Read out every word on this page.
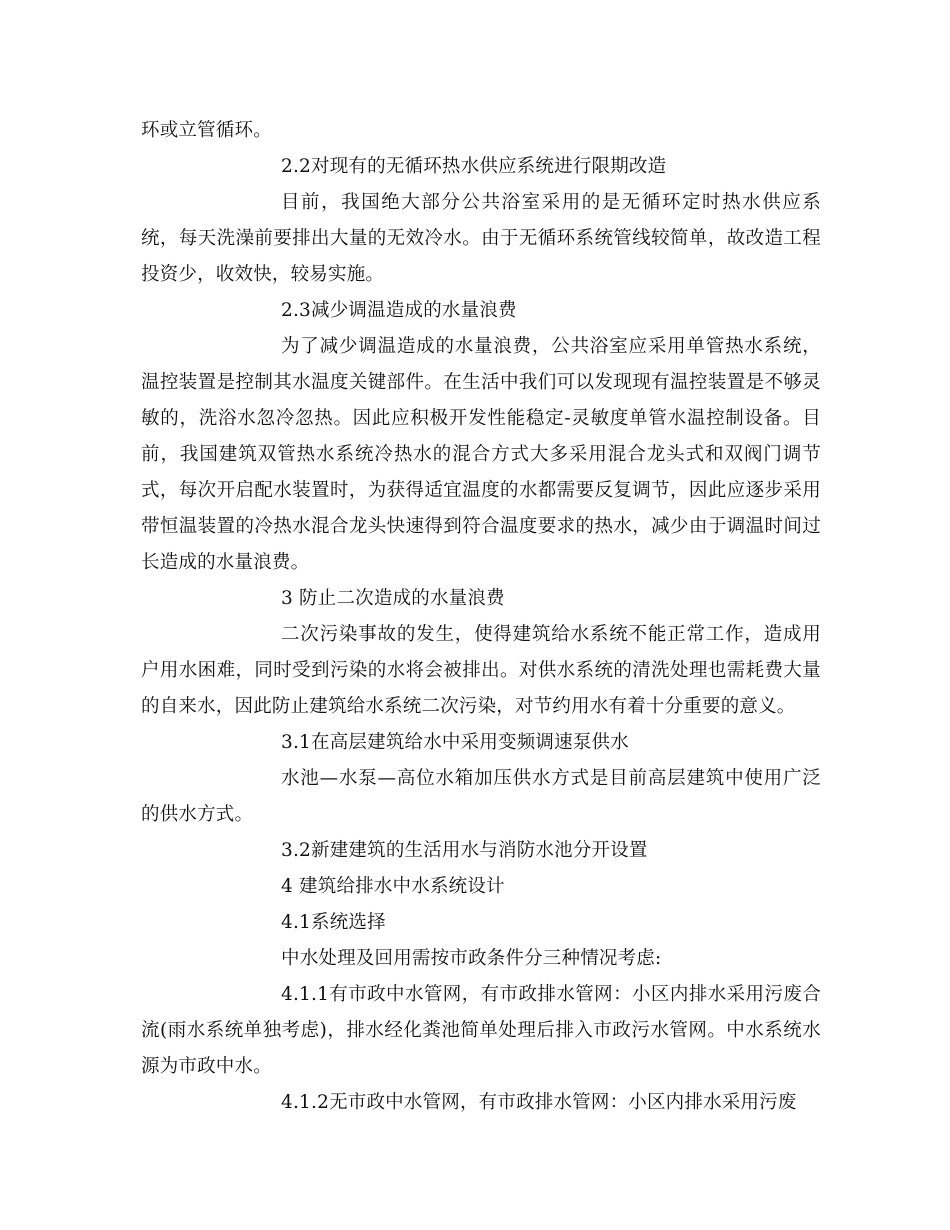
环或立管循环。

2.2对现有的无循环热水供应系统进行限期改造

目前，我国绝大部分公共浴室采用的是无循环定时热水供应系统，每天洗澡前要排出大量的无效冷水。由于无循环系统管线较简单，故改造工程投资少，收效快，较易实施。

2.3减少调温造成的水量浪费

为了减少调温造成的水量浪费，公共浴室应采用单管热水系统，温控装置是控制其水温度关键部件。在生活中我们可以发现现有温控装置是不够灵敏的，洗浴水忽冷忽热。因此应积极开发性能稳定-灵敏度单管水温控制设备。目前，我国建筑双管热水系统冷热水的混合方式大多采用混合龙头式和双阀门调节式，每次开启配水装置时，为获得适宜温度的水都需要反复调节，因此应逐步采用带恒温装置的冷热水混合龙头快速得到符合温度要求的热水，减少由于调温时间过长造成的水量浪费。

3 防止二次造成的水量浪费

二次污染事故的发生，使得建筑给水系统不能正常工作，造成用户用水困难，同时受到污染的水将会被排出。对供水系统的清洗处理也需耗费大量的自来水，因此防止建筑给水系统二次污染，对节约用水有着十分重要的意义。

3.1在高层建筑给水中采用变频调速泵供水

水池—水泵—高位水箱加压供水方式是目前高层建筑中使用广泛的供水方式。

3.2新建建筑的生活用水与消防水池分开设置

4 建筑给排水中水系统设计

4.1系统选择

中水处理及回用需按市政条件分三种情况考虑:

4.1.1有市政中水管网，有市政排水管网：小区内排水采用污废合流(雨水系统单独考虑)，排水经化粪池简单处理后排入市政污水管网。中水系统水源为市政中水。

4.1.2无市政中水管网，有市政排水管网：小区内排水采用污废
